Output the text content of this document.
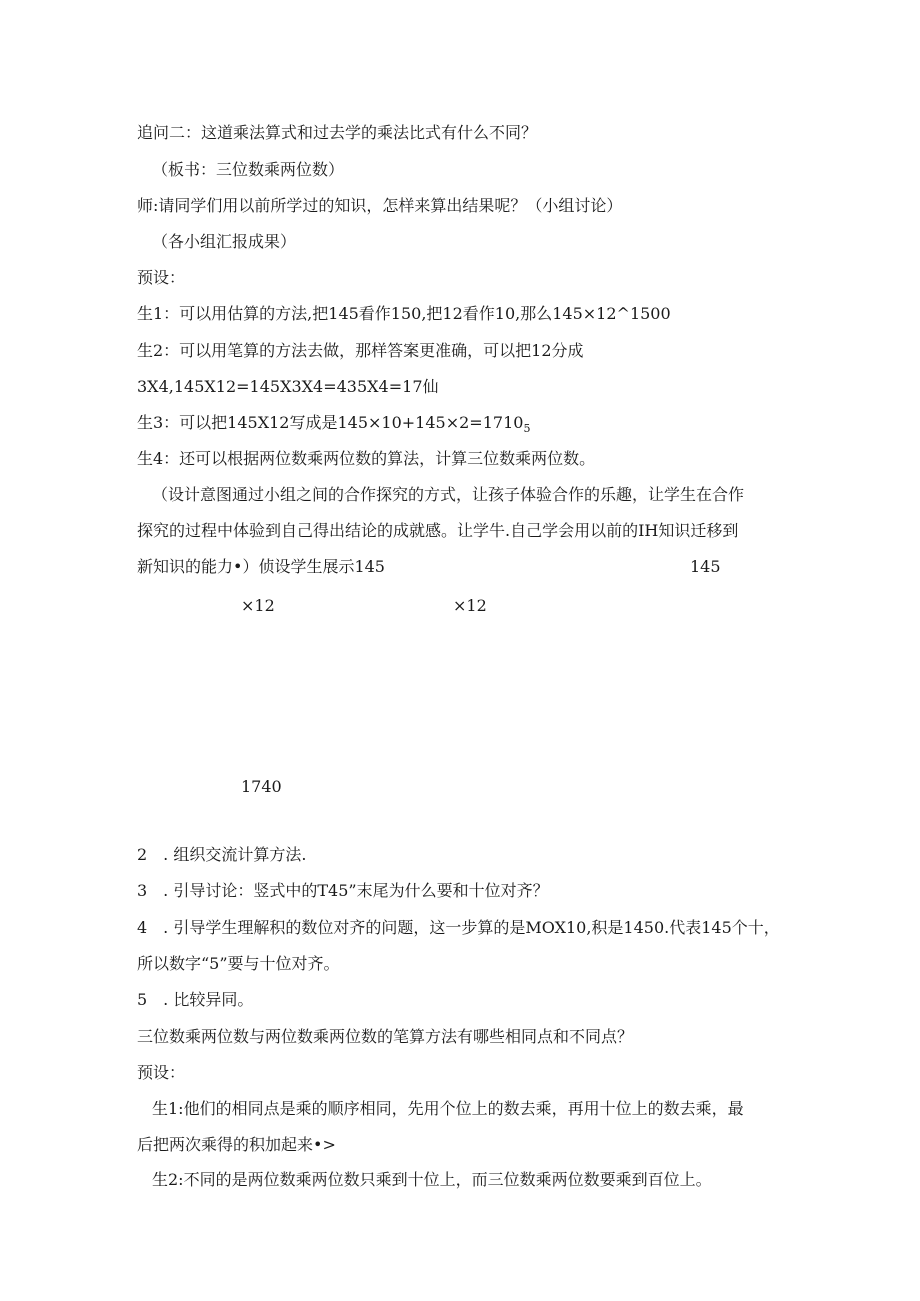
追问二：这道乘法算式和过去学的乘法比式有什么不同？
（板书：三位数乘两位数）
师:请同学们用以前所学过的知识，怎样来算出结果呢？（小组讨论）
（各小组汇报成果）
预设：
生1：可以用估算的方法,把145看作150,把12看作10,那么145×12^1500
生2：可以用笔算的方法去做，那样答案更准确，可以把12分成
3X4,145X12=145X3X4=435X4=17仙
生3：可以把145X12写成是$145\times 10+145\times 2=1710_5$
生4：还可以根据两位数乘两位数的算法，计算三位数乘两位数。
（设计意图通过小组之间的合作探究的方式，让孩子体验合作的乐趣，让学生在合作
探究的过程中体验到自己得出结论的成就感。让学牛.自己学会用以前的IH知识迁移到
新知识的能力•）侦设学生展示145	145
×12	×12
1740
2　. 组织交流计算方法.
3　. 引导讨论：竖式中的T45”末尾为什么要和十位对齐？
4　. 引导学生理解积的数位对齐的问题，这一步算的是MOX10,积是1450.代表145个十，
所以数字“5”要与十位对齐。
5　. 比较异同。
三位数乘两位数与两位数乘两位数的笔算方法有哪些相同点和不同点？
预设：
生1:他们的相同点是乘的顺序相同，先用个位上的数去乘，再用十位上的数去乘，最
后把两次乘得的积加起来•>
生2:不同的是两位数乘两位数只乘到十位上，而三位数乘两位数要乘到百位上。
